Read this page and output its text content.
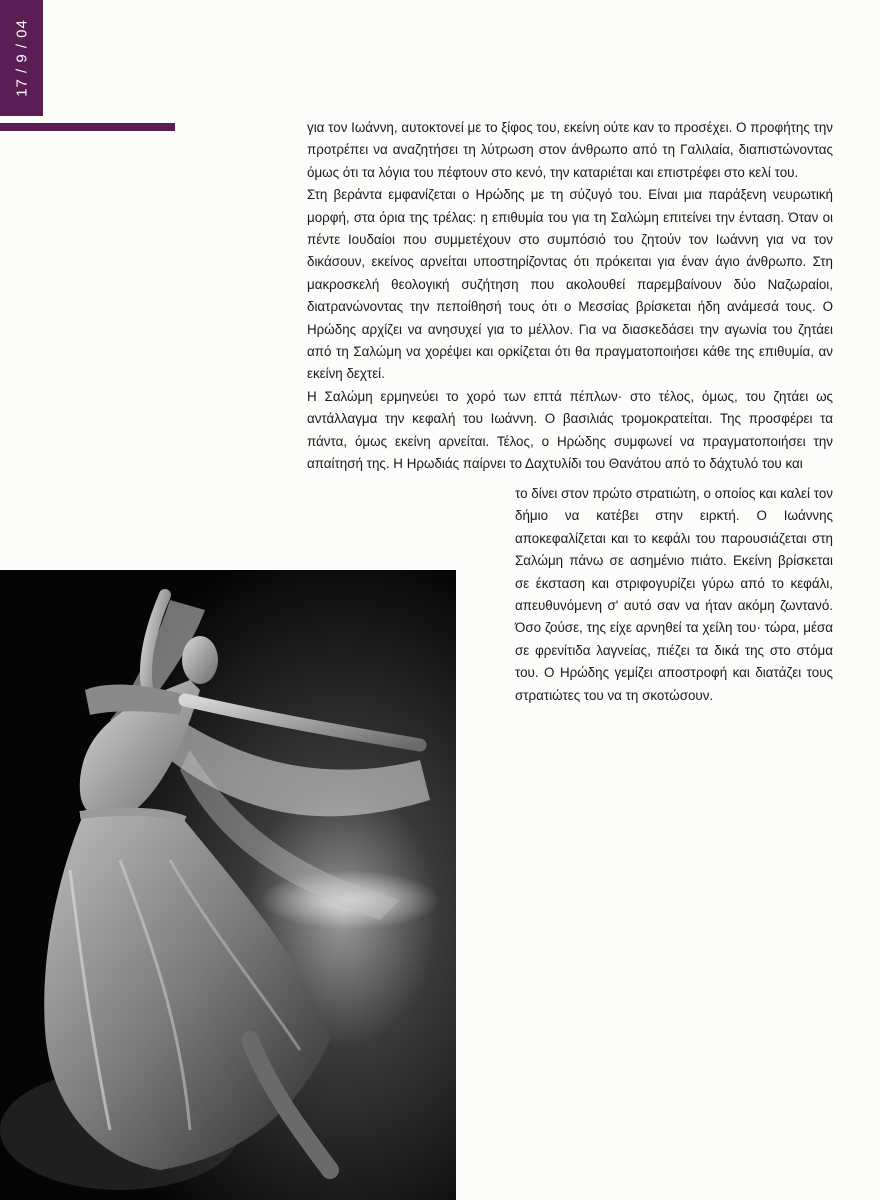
17 / 9 / 04

για τον Ιωάννη, αυτοκτονεί με το ξίφος του, εκείνη ούτε καν το προσέχει. Ο προφήτης την προτρέπει να αναζητήσει τη λύτρωση στον άνθρωπο από τη Γαλιλαία, διαπιστώνοντας όμως ότι τα λόγια του πέφτουν στο κενό, την καταριέται και επιστρέφει στο κελί του.

Στη βεράντα εμφανίζεται ο Ηρώδης με τη σύζυγό του. Είναι μια παράξενη νευρωτική μορφή, στα όρια της τρέλας: η επιθυμία του για τη Σαλώμη επιτείνει την ένταση. Όταν οι πέντε Ιουδαίοι που συμμετέχουν στο συμπόσιό του ζητούν τον Ιωάννη για να τον δικάσουν, εκείνος αρνείται υποστηρίζοντας ότι πρόκειται για έναν άγιο άνθρωπο. Στη μακροσκελή θεολογική συζήτηση που ακολουθεί παρεμβαίνουν δύο Ναζωραίοι, διατρανώνοντας την πεποίθησή τους ότι ο Μεσσίας βρίσκεται ήδη ανάμεσά τους. Ο Ηρώδης αρχίζει να ανησυχεί για το μέλλον. Για να διασκεδάσει την αγωνία του ζητάει από τη Σαλώμη να χορέψει και ορκίζεται ότι θα πραγματοποιήσει κάθε της επιθυμία, αν εκείνη δεχτεί.

Η Σαλώμη ερμηνεύει το χορό των επτά πέπλων· στο τέλος, όμως, του ζητάει ως αντάλλαγμα την κεφαλή του Ιωάννη. Ο βασιλιάς τρομοκρατείται. Της προσφέρει τα πάντα, όμως εκείνη αρνείται. Τέλος, ο Ηρώδης συμφωνεί να πραγματοποιήσει την απαίτησή της. Η Ηρωδιάς παίρνει το Δαχτυλίδι του Θανάτου από το δάχτυλό του και

το δίνει στον πρώτο στρατιώτη, ο οποίος και καλεί τον δήμιο να κατέβει στην ειρκτή. Ο Ιωάννης αποκεφαλίζεται και το κεφάλι του παρουσιάζεται στη Σαλώμη πάνω σε ασημένιο πιάτο. Εκείνη βρίσκεται σε έκσταση και στριφογυρίζει γύρω από το κεφάλι, απευθυνόμενη σ' αυτό σαν να ήταν ακόμη ζωντανό. Όσο ζούσε, της είχε αρνηθεί τα χείλη του· τώρα, μέσα σε φρενίτιδα λαγνείας, πιέζει τα δικά της στο στόμα του. Ο Ηρώδης γεμίζει αποστροφή και διατάζει τους στρατιώτες του να τη σκοτώσουν.
